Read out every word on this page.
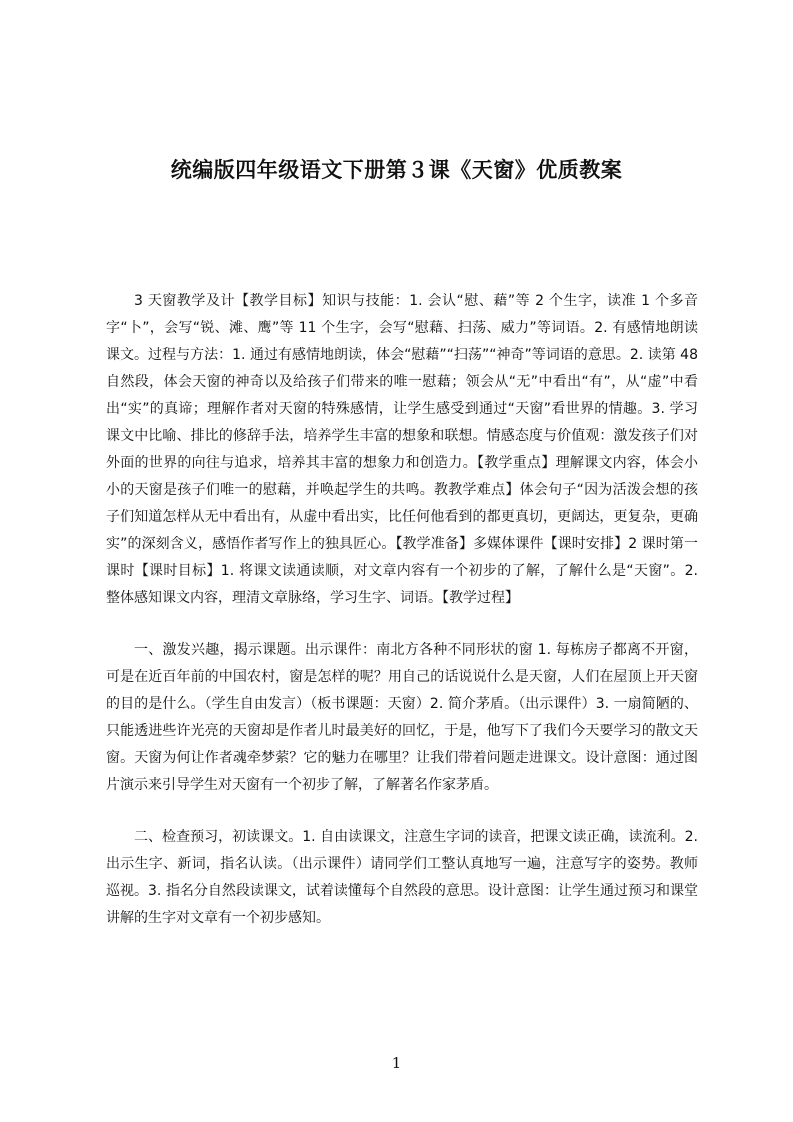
统编版四年级语文下册第３课《天窗》优质教案

3 天窗教学及计【教学目标】知识与技能：1. 会认“慰、藉”等 2 个生字，读准 1 个多音字“卜”，会写“锐、滩、鹰”等 11 个生字，会写“慰藉、扫荡、威力”等词语。2. 有感情地朗读课文。过程与方法：1. 通过有感情地朗读，体会“慰藉”“扫荡”“神奇”等词语的意思。2. 读第 48 自然段，体会天窗的神奇以及给孩子们带来的唯一慰藉；领会从“无”中看出“有”，从“虚”中看出“实”的真谛；理解作者对天窗的特殊感情，让学生感受到通过“天窗”看世界的情趣。3. 学习课文中比喻、排比的修辞手法，培养学生丰富的想象和联想。情感态度与价值观：激发孩子们对外面的世界的向往与追求，培养其丰富的想象力和创造力。【教学重点】理解课文内容，体会小小的天窗是孩子们唯一的慰藉，并唤起学生的共鸣。教教学难点】体会句子“因为活泼会想的孩子们知道怎样从无中看出有，从虚中看出实，比任何他看到的都更真切，更阔达，更复杂，更确实”的深刻含义，感悟作者写作上的独具匠心。【教学准备】多媒体课件【课时安排】2 课时第一课时【课时目标】1. 将课文读通读顺，对文章内容有一个初步的了解，了解什么是“天窗”。2. 整体感知课文内容，理清文章脉络，学习生字、词语。【教学过程】

一、激发兴趣，揭示课题。出示课件：南北方各种不同形状的窗 1. 每栋房子都离不开窗，可是在近百年前的中国农村，窗是怎样的呢？用自己的话说说什么是天窗，人们在屋顶上开天窗的目的是什么。（学生自由发言）（板书课题：天窗）2. 简介茅盾。（出示课件）3. 一扇简陋的、只能透进些许光亮的天窗却是作者儿时最美好的回忆，于是，他写下了我们今天要学习的散文天窗。天窗为何让作者魂牵梦萦？它的魅力在哪里？让我们带着问题走进课文。设计意图：通过图片演示来引导学生对天窗有一个初步了解，了解著名作家茅盾。

二、检查预习，初读课文。1. 自由读课文，注意生字词的读音，把课文读正确，读流利。2. 出示生字、新词，指名认读。（出示课件）请同学们工整认真地写一遍，注意写字的姿势。教师巡视。3. 指名分自然段读课文，试着读懂每个自然段的意思。设计意图：让学生通过预习和课堂讲解的生字对文章有一个初步感知。

1
